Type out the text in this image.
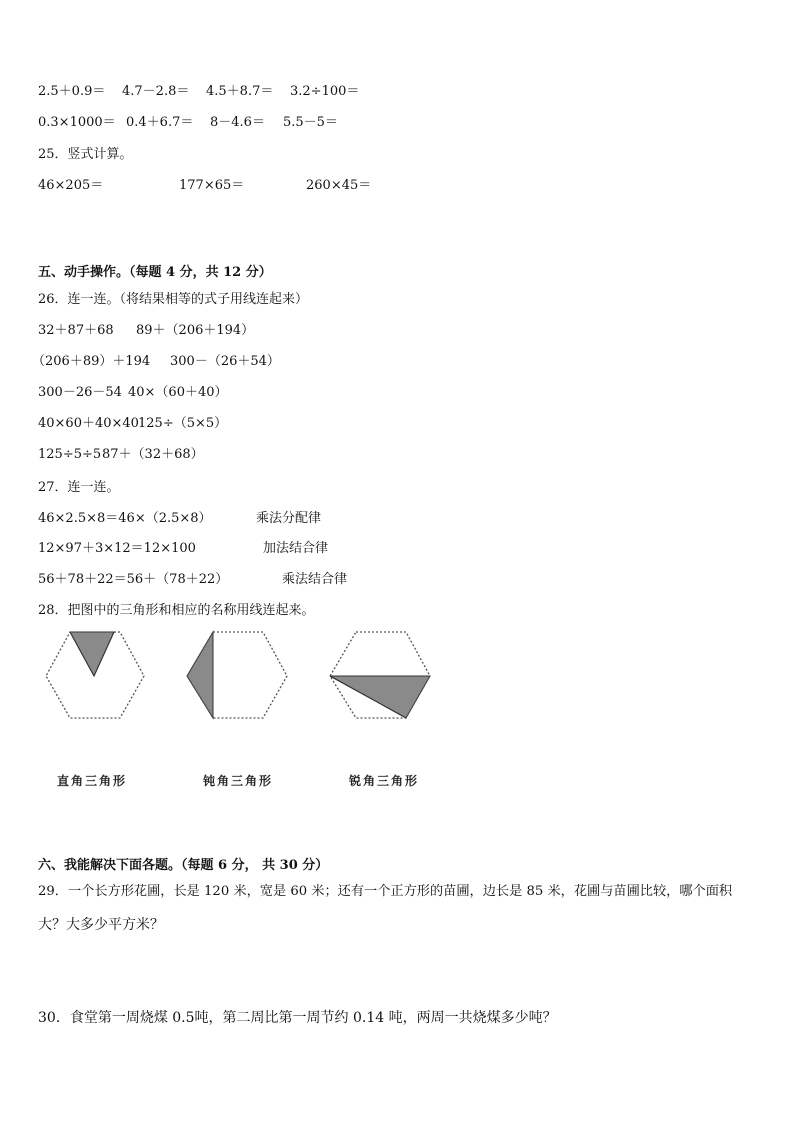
2.5＋0.9＝ 4.7－2.8＝ 4.5＋8.7＝ 3.2÷100＝
0.3×1000＝ 0.4＋6.7＝ 8－4.6＝ 5.5－5＝
25．竖式计算。
46×205＝	177×65＝	260×45＝
五、动手操作。（每题 4 分，共 12 分）
26．连一连。（将结果相等的式子用线连起来）
32＋87＋68 89＋（206＋194）
（206＋89）＋194 300－（26＋54）
300－26－54 40×（60＋40）
40×60＋40×40 125÷（5×5）
125÷5÷5 87＋（32＋68）
27．连一连。
46×2.5×8＝46×（2.5×8）	乘法分配律
12×97＋3×12＝12×100	加法结合律
56＋78＋22＝56＋（78＋22）	乘法结合律
28．把图中的三角形和相应的名称用线连起来。
直角三角形	钝角三角形	锐角三角形
六、我能解决下面各题。（每题 6 分， 共 30 分）
29．一个长方形花圃，长是 120 米，宽是 60 米；还有一个正方形的苗圃，边长是 85 米，花圃与苗圃比较，哪个面积
大？大多少平方米？
30．食堂第一周烧煤 0.5吨，第二周比第一周节约 0.14 吨，两周一共烧煤多少吨？
